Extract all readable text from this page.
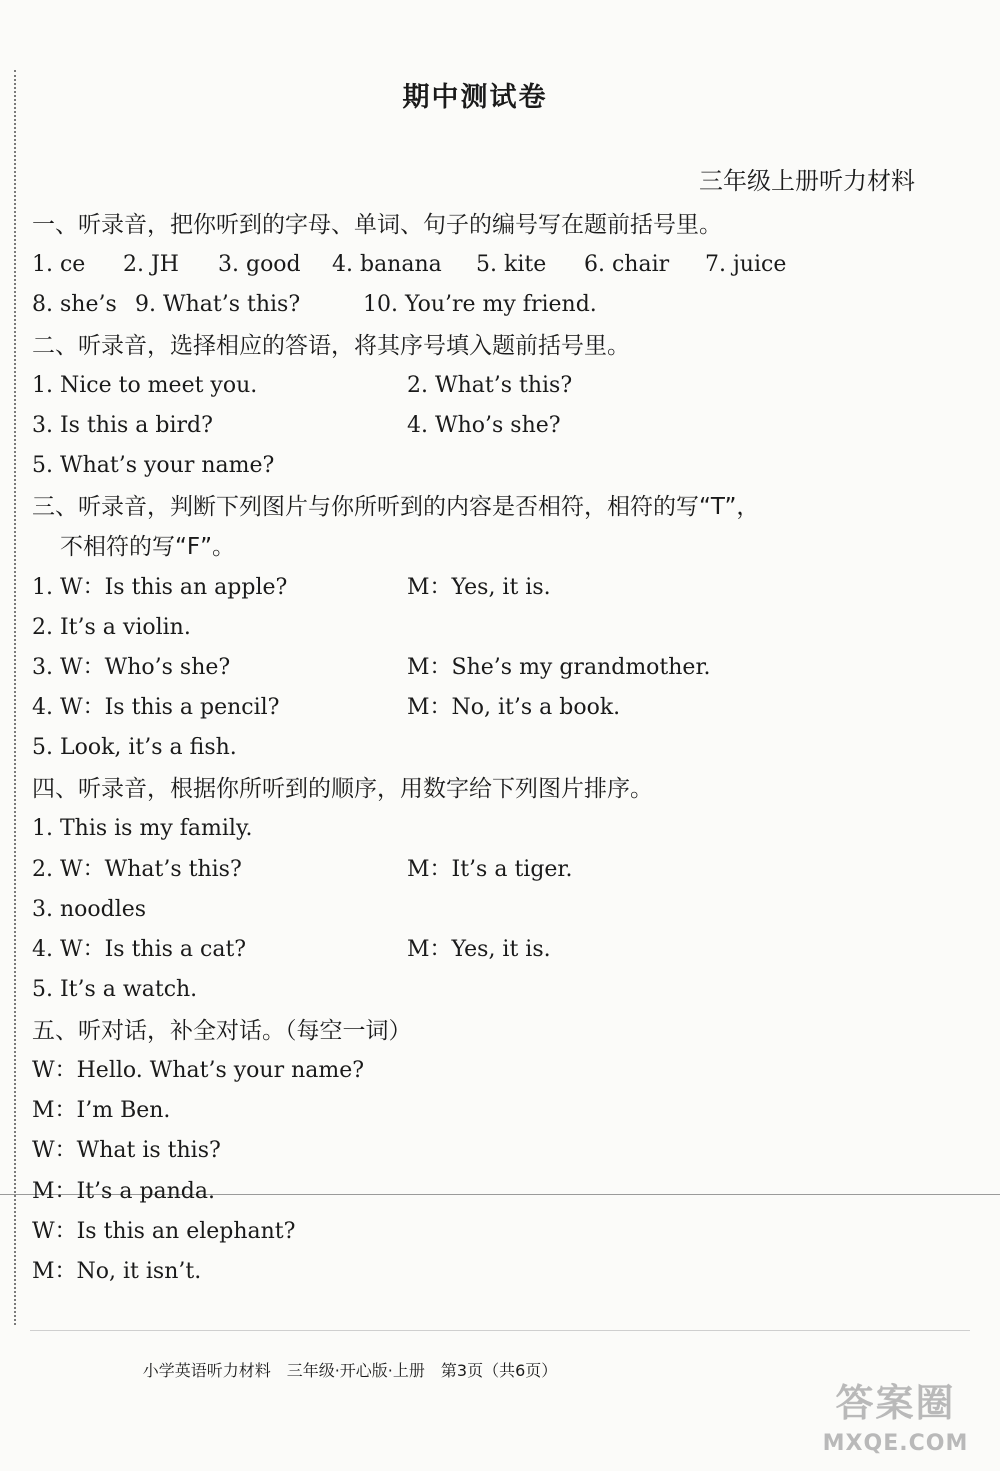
期中测试卷
三年级上册听力材料
一、听录音，把你听到的字母、单词、句子的编号写在题前括号里。
1. ce 2. JH 3. good 4. banana 5. kite 6. chair 7. juice
8. she’s 9. What’s this?	10. You’re my friend.
二、听录音，选择相应的答语，将其序号填入题前括号里。
1. Nice to meet you.	2. What’s this?
3. Is this a bird?	4. Who’s she?
5. What’s your name?
三、听录音，判断下列图片与你所听到的内容是否相符，相符的写“T”，
不相符的写“F”。
1. W：Is this an apple?	M：Yes, it is.
2. It’s a violin.
3. W：Who’s she?	M：She’s my grandmother.
4. W：Is this a pencil?	M：No, it’s a book.
5. Look, it’s a fish.
四、听录音，根据你所听到的顺序，用数字给下列图片排序。
1. This is my family.
2. W：What’s this?	M：It’s a tiger.
3. noodles
4. W：Is this a cat?	M：Yes, it is.
5. It’s a watch.
五、听对话，补全对话。（每空一词）
W：Hello. What’s your name?
M：I’m Ben.
W：What is this?
M：It’s a panda.
W：Is this an elephant?
M：No, it isn’t.
小学英语听力材料　三年级·开心版·上册　第3页（共6页）
答案圈
MXQE.COM
